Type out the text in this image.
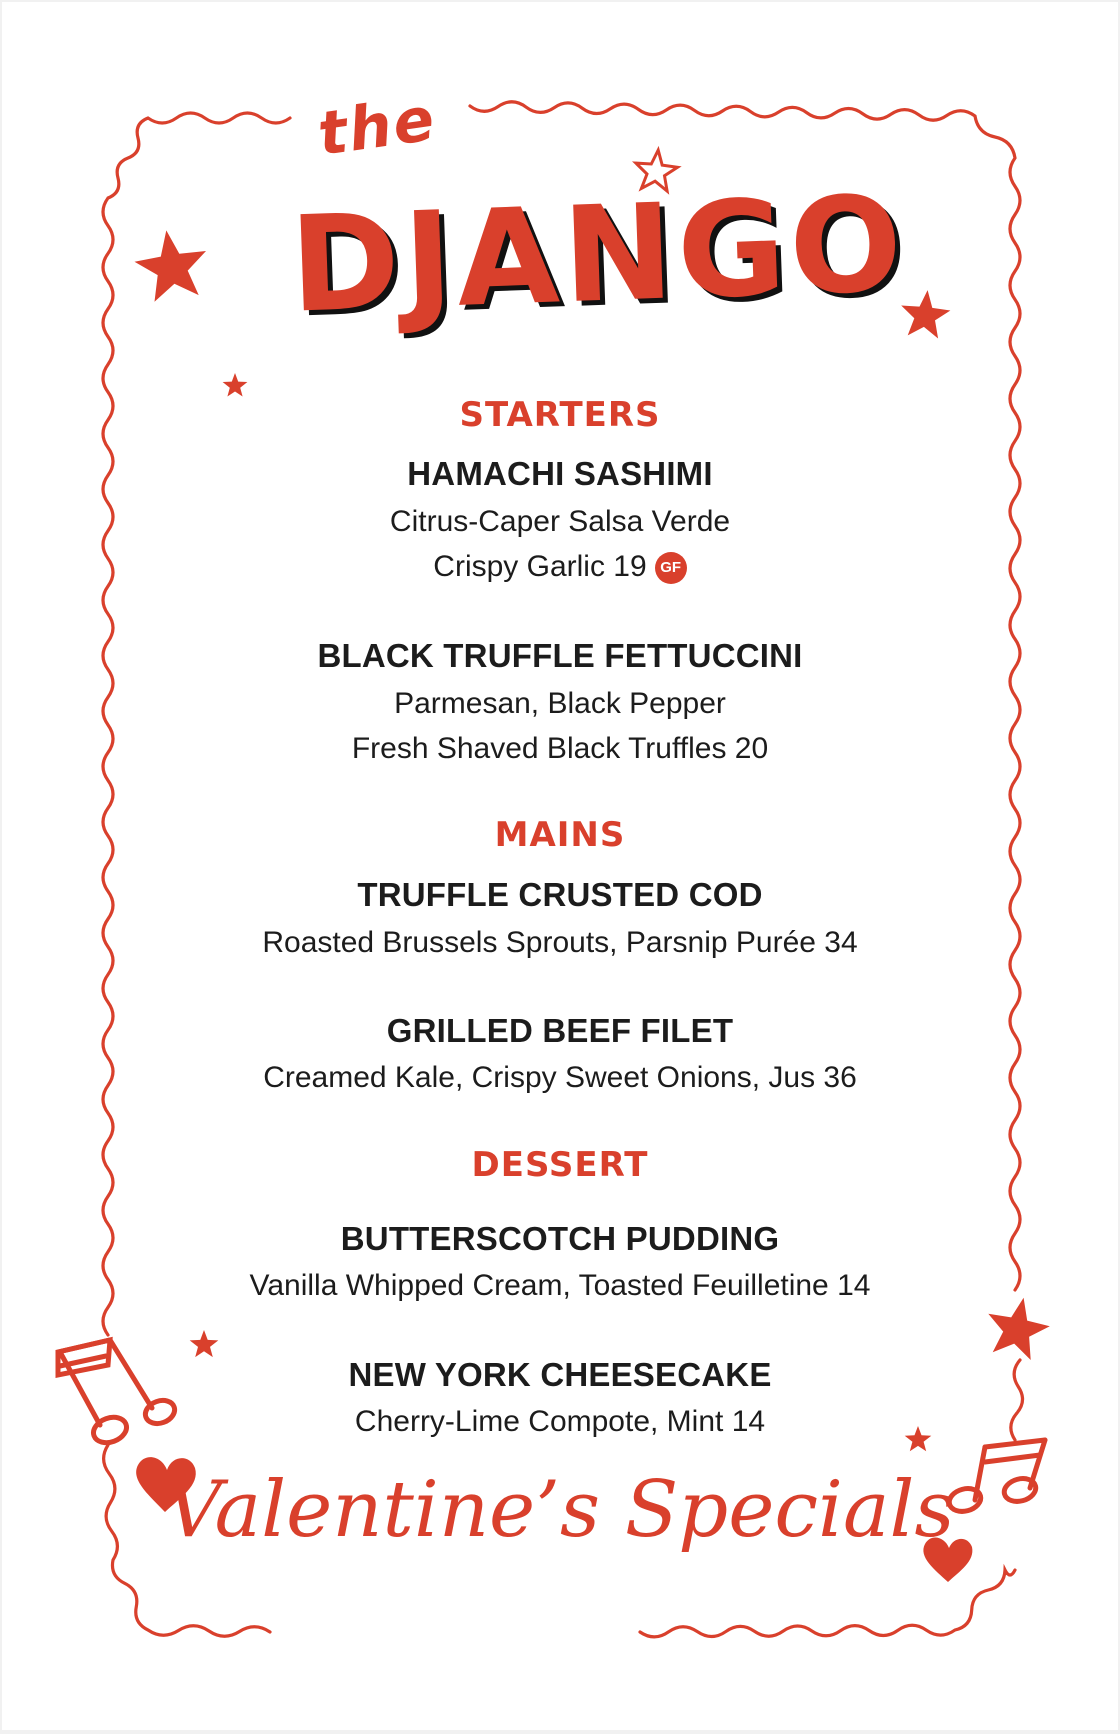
the
DJANGO
STARTERS
HAMACHI SASHIMI
Citrus-Caper Salsa Verde
Crispy Garlic 19 GF
BLACK TRUFFLE FETTUCCINI
Parmesan, Black Pepper
Fresh Shaved Black Truffles 20
MAINS
TRUFFLE CRUSTED COD
Roasted Brussels Sprouts, Parsnip Purée 34
GRILLED BEEF FILET
Creamed Kale, Crispy Sweet Onions, Jus 36
DESSERT
BUTTERSCOTCH PUDDING
Vanilla Whipped Cream, Toasted Feuilletine 14
NEW YORK CHEESECAKE
Cherry-Lime Compote, Mint 14
Valentine’s Specials
